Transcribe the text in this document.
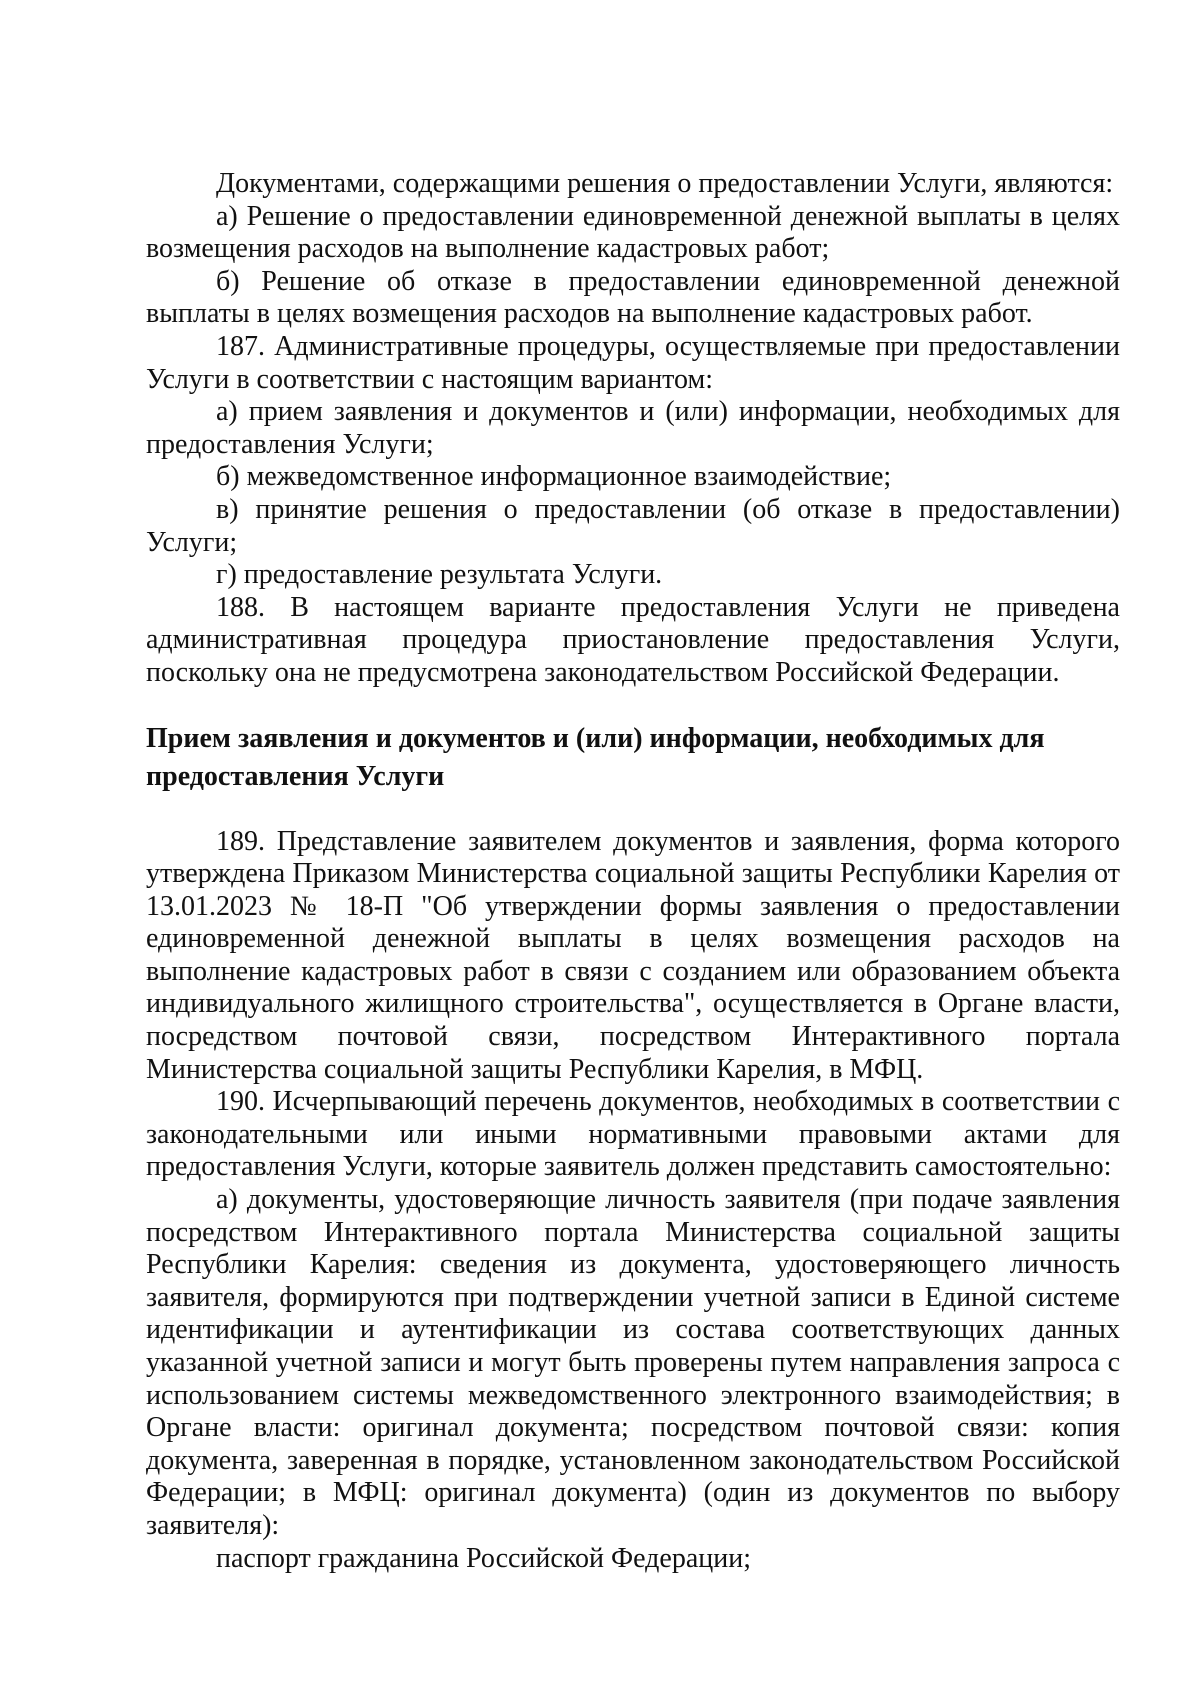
Документами, содержащими решения о предоставлении Услуги, являются:

а) Решение о предоставлении единовременной денежной выплаты в целях возмещения расходов на выполнение кадастровых работ;

б) Решение об отказе в предоставлении единовременной денежной выплаты в целях возмещения расходов на выполнение кадастровых работ.

187. Административные процедуры, осуществляемые при предоставлении Услуги в соответствии с настоящим вариантом:

а) прием заявления и документов и (или) информации, необходимых для предоставления Услуги;

б) межведомственное информационное взаимодействие;

в) принятие решения о предоставлении (об отказе в предоставлении) Услуги;

г) предоставление результата Услуги.

188. В настоящем варианте предоставления Услуги не приведена административная процедура приостановление предоставления Услуги, поскольку она не предусмотрена законодательством Российской Федерации.

Прием заявления и документов и (или) информации, необходимых для
предоставления Услуги

189. Представление заявителем документов и заявления, форма которого утверждена Приказом Министерства социальной защиты Республики Карелия от 13.01.2023 № 18-П "Об утверждении формы заявления о предоставлении единовременной денежной выплаты в целях возмещения расходов на выполнение кадастровых работ в связи с созданием или образованием объекта индивидуального жилищного строительства", осуществляется в Органе власти, посредством почтовой связи, посредством Интерактивного портала Министерства социальной защиты Республики Карелия, в МФЦ.

190. Исчерпывающий перечень документов, необходимых в соответствии с законодательными или иными нормативными правовыми актами для предоставления Услуги, которые заявитель должен представить самостоятельно:

а) документы, удостоверяющие личность заявителя (при подаче заявления посредством Интерактивного портала Министерства социальной защиты Республики Карелия: сведения из документа, удостоверяющего личность заявителя, формируются при подтверждении учетной записи в Единой системе идентификации и аутентификации из состава соответствующих данных указанной учетной записи и могут быть проверены путем направления запроса с использованием системы межведомственного электронного взаимодействия; в Органе власти: оригинал документа; посредством почтовой связи: копия документа, заверенная в порядке, установленном законодательством Российской Федерации; в МФЦ: оригинал документа) (один из документов по выбору заявителя):

паспорт гражданина Российской Федерации;
